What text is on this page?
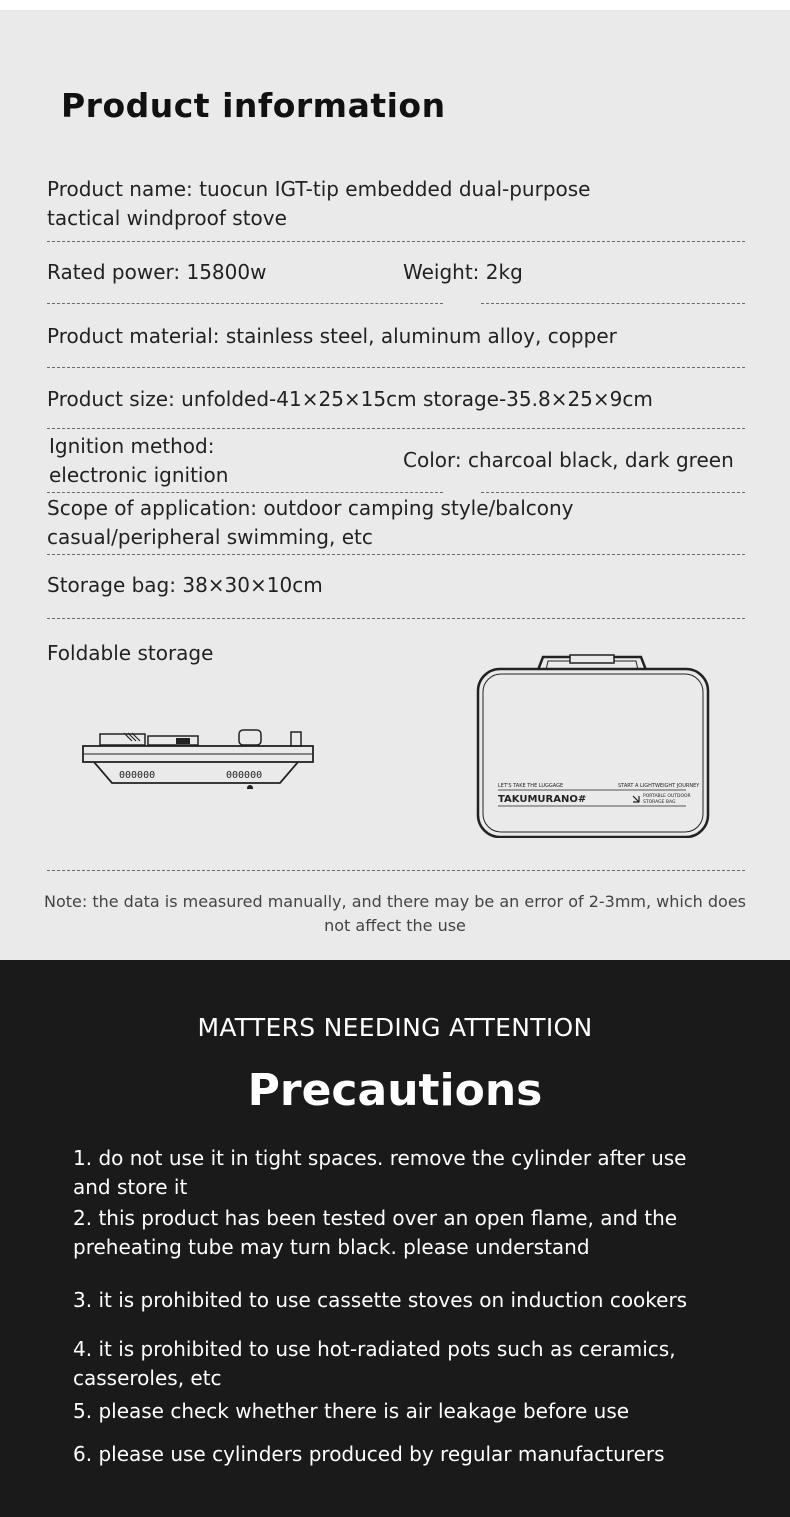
Product information
Product name: tuocun IGT-tip embedded dual-purpose
tactical windproof stove
Rated power: 15800w	Weight: 2kg
Product material: stainless steel, aluminum alloy, copper
Product size: unfolded-41×25×15cm storage-35.8×25×9cm
Ignition method:
electronic ignition
Color: charcoal black, dark green
Scope of application: outdoor camping style/balcony
casual/peripheral swimming, etc
Storage bag: 38×30×10cm
Foldable storage
000000	000000
LET'S TAKE THE LUGGAGE	START A LIGHTWEIGHT JOURNEY
TAKUMURANO#	PORTABLE OUTDOOR
STORAGE BAG
Note: the data is measured manually, and there may be an error of 2-3mm, which does not affect the use
MATTERS NEEDING ATTENTION
Precautions
1. do not use it in tight spaces. remove the cylinder after use
and store it
2. this product has been tested over an open flame, and the
preheating tube may turn black. please understand
3. it is prohibited to use cassette stoves on induction cookers
4. it is prohibited to use hot-radiated pots such as ceramics,
casseroles, etc
5. please check whether there is air leakage before use
6. please use cylinders produced by regular manufacturers
